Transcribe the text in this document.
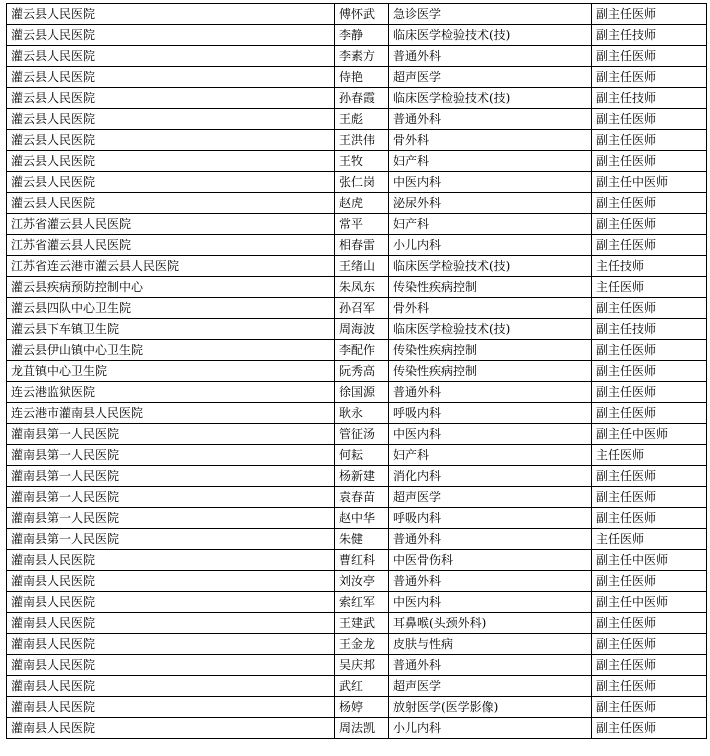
灌云县人民医院	傅怀武	急诊医学	副主任医师
灌云县人民医院	李静	临床医学检验技术(技)	副主任技师
灌云县人民医院	李素方	普通外科	副主任医师
灌云县人民医院	侍艳	超声医学	副主任医师
灌云县人民医院	孙春霞	临床医学检验技术(技)	副主任技师
灌云县人民医院	王彪	普通外科	副主任医师
灌云县人民医院	王洪伟	骨外科	副主任医师
灌云县人民医院	王牧	妇产科	副主任医师
灌云县人民医院	张仁岗	中医内科	副主任中医师
灌云县人民医院	赵虎	泌尿外科	副主任医师
江苏省灌云县人民医院	常平	妇产科	副主任医师
江苏省灌云县人民医院	相春雷	小儿内科	副主任医师
江苏省连云港市灌云县人民医院	王绪山	临床医学检验技术(技)	主任技师
灌云县疾病预防控制中心	朱凤东	传染性疾病控制	主任医师
灌云县四队中心卫生院	孙召军	骨外科	副主任医师
灌云县下车镇卫生院	周海波	临床医学检验技术(技)	副主任技师
灌云县伊山镇中心卫生院	李配作	传染性疾病控制	副主任医师
龙苴镇中心卫生院	阮秀高	传染性疾病控制	副主任医师
连云港监狱医院	徐国源	普通外科	副主任医师
连云港市灌南县人民医院	耿永	呼吸内科	副主任医师
灌南县第一人民医院	管征汤	中医内科	副主任中医师
灌南县第一人民医院	何耘	妇产科	主任医师
灌南县第一人民医院	杨新建	消化内科	副主任医师
灌南县第一人民医院	袁春苗	超声医学	副主任医师
灌南县第一人民医院	赵中华	呼吸内科	副主任医师
灌南县第一人民医院	朱健	普通外科	主任医师
灌南县人民医院	曹红科	中医骨伤科	副主任中医师
灌南县人民医院	刘汝亭	普通外科	副主任医师
灌南县人民医院	索红军	中医内科	副主任中医师
灌南县人民医院	王建武	耳鼻喉(头颈外科)	副主任医师
灌南县人民医院	王金龙	皮肤与性病	副主任医师
灌南县人民医院	吴庆邦	普通外科	副主任医师
灌南县人民医院	武红	超声医学	副主任医师
灌南县人民医院	杨婷	放射医学(医学影像)	副主任医师
灌南县人民医院	周法凯	小儿内科	副主任医师
